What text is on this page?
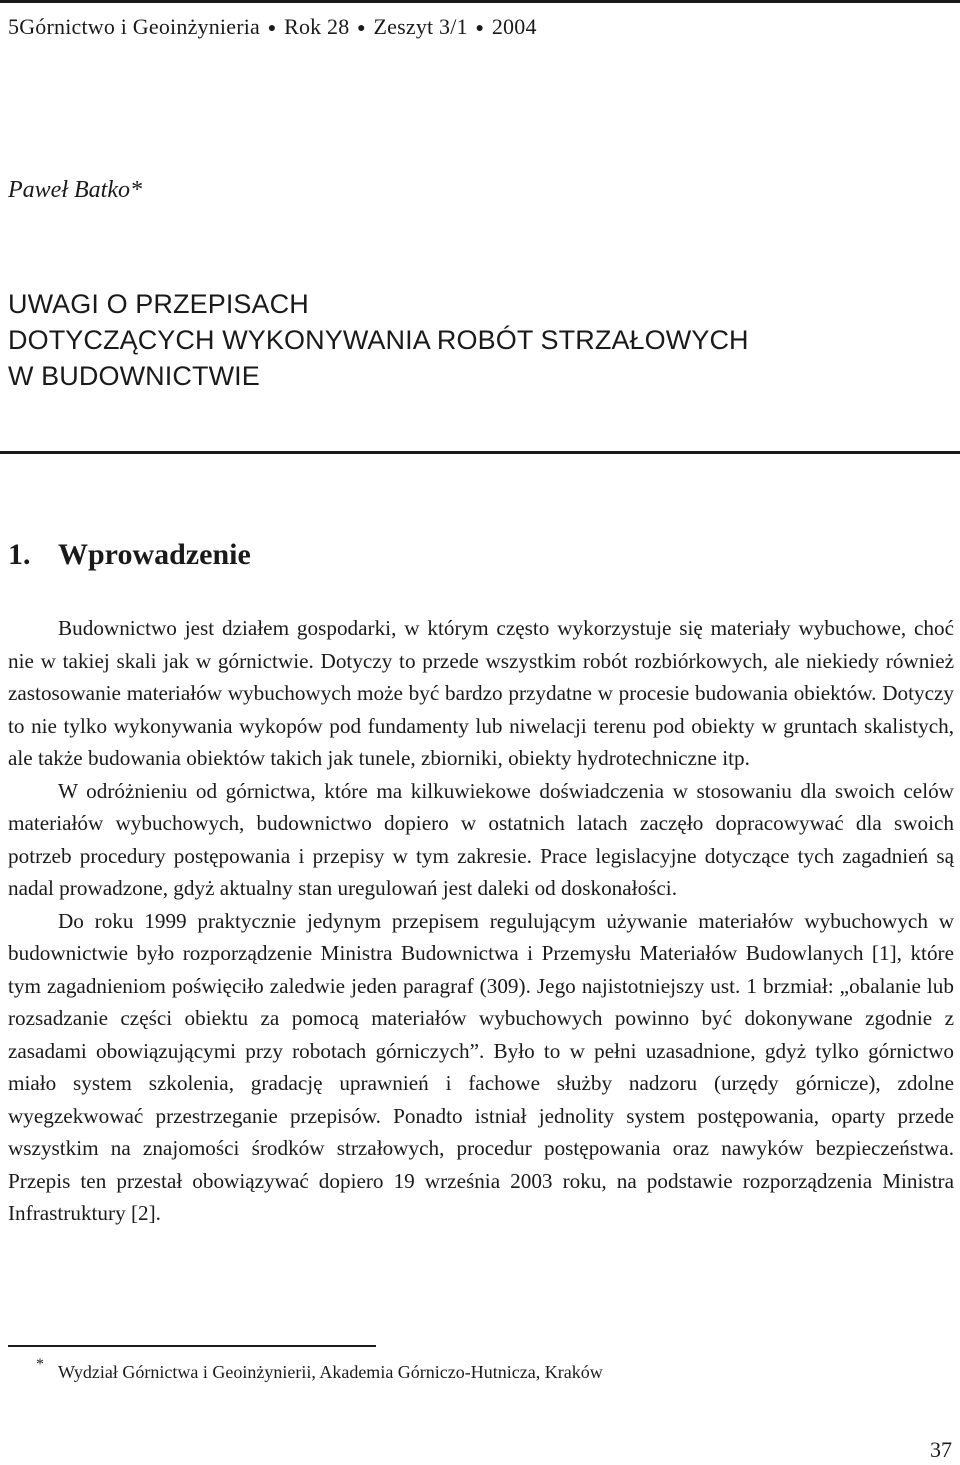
5Górnictwo i Geoinżynieria ● Rok 28 ● Zeszyt 3/1 ● 2004
Paweł Batko*
UWAGI O PRZEPISACH
DOTYCZĄCYCH WYKONYWANIA ROBÓT STRZAŁOWYCH
W BUDOWNICTWIE
1. Wprowadzenie

Budownictwo jest działem gospodarki, w którym często wykorzystuje się materiały wybuchowe, choć nie w takiej skali jak w górnictwie. Dotyczy to przede wszystkim robót rozbiórkowych, ale niekiedy również zastosowanie materiałów wybuchowych może być bardzo przydatne w procesie budowania obiektów. Dotyczy to nie tylko wykonywania wykopów pod fundamenty lub niwelacji terenu pod obiekty w gruntach skalistych, ale także budowania obiektów takich jak tunele, zbiorniki, obiekty hydrotechniczne itp.

W odróżnieniu od górnictwa, które ma kilkuwiekowe doświadczenia w stosowaniu dla swoich celów materiałów wybuchowych, budownictwo dopiero w ostatnich latach zaczęło dopracowywać dla swoich potrzeb procedury postępowania i przepisy w tym zakresie. Prace legislacyjne dotyczące tych zagadnień są nadal prowadzone, gdyż aktualny stan uregulowań jest daleki od doskonałości.

Do roku 1999 praktycznie jedynym przepisem regulującym używanie materiałów wybuchowych w budownictwie było rozporządzenie Ministra Budownictwa i Przemysłu Materiałów Budowlanych [1], które tym zagadnieniom poświęciło zaledwie jeden paragraf (309). Jego najistotniejszy ust. 1 brzmiał: „obalanie lub rozsadzanie części obiektu za pomocą materiałów wybuchowych powinno być dokonywane zgodnie z zasadami obowiązującymi przy robotach górniczych”. Było to w pełni uzasadnione, gdyż tylko górnictwo miało system szkolenia, gradację uprawnień i fachowe służby nadzoru (urzędy górnicze), zdolne wyegzekwować przestrzeganie przepisów. Ponadto istniał jednolity system postępowania, oparty przede wszystkim na znajomości środków strzałowych, procedur postępowania oraz nawyków bezpieczeństwa. Przepis ten przestał obowiązywać dopiero 19 września 2003 roku, na podstawie rozporządzenia Ministra Infrastruktury [2].

* Wydział Górnictwa i Geoinżynierii, Akademia Górniczo-Hutnicza, Kraków
37
